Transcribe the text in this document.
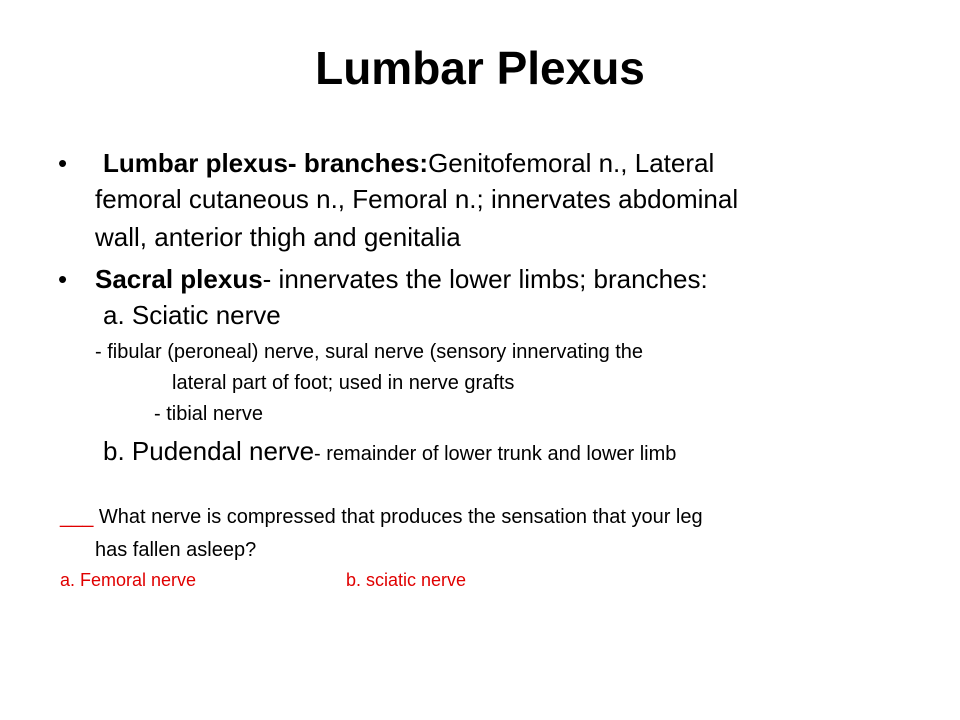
Lumbar Plexus
• Lumbar plexus- branches:Genitofemoral n., Lateral
femoral cutaneous n., Femoral n.; innervates abdominal
wall, anterior thigh and genitalia
• Sacral plexus- innervates the lower limbs; branches:
a. Sciatic nerve
- fibular (peroneal) nerve, sural nerve (sensory innervating the
lateral part of foot; used in nerve grafts
- tibial nerve
b. Pudendal nerve- remainder of lower trunk and lower limb
___ What nerve is compressed that produces the sensation that your leg
has fallen asleep?
a. Femoral nerve	b. sciatic nerve
